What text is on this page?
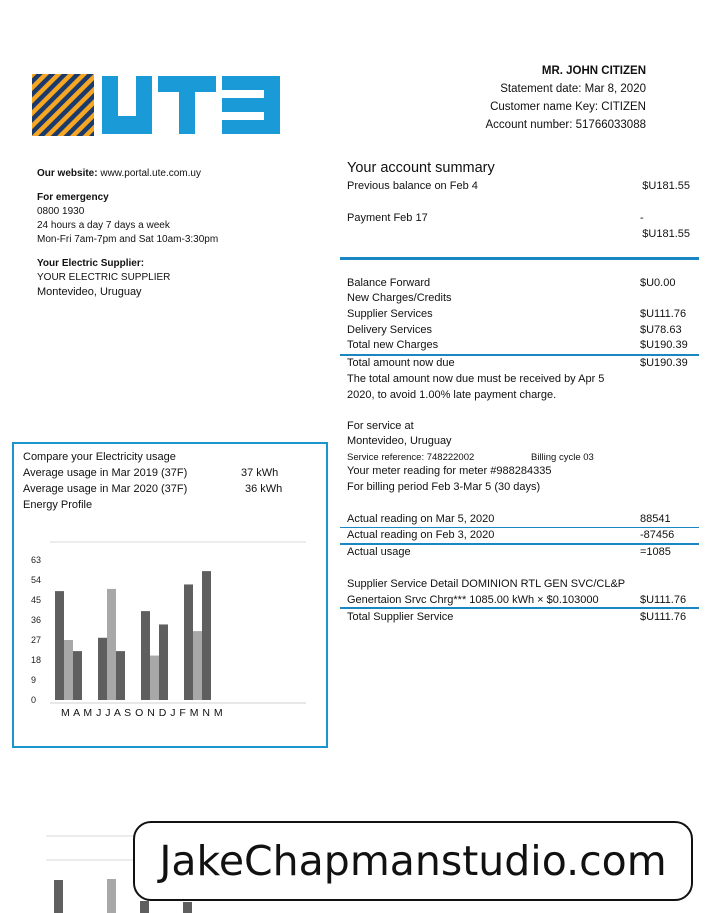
MR. JOHN CITIZEN
Statement date: Mar 8, 2020
Customer name Key: CITIZEN
Account number: 51766033088
Our website: www.portal.ute.com.uy
For emergency
0800 1930
24 hours a day 7 days a week
Mon-Fri 7am-7pm and Sat 10am-3:30pm
Your Electric Supplier:
YOUR ELECTRIC SUPPLIER
Montevideo, Uruguay
Your account summary
Previous balance on Feb 4	$U181.55
Payment Feb 17	-
$U181.55
Balance Forward	$U0.00
New Charges/Credits
Supplier Services	$U111.76
Delivery Services	$U78.63
Total new Charges	$U190.39
Total amount now due	$U190.39
The total amount now due must be received by Apr 5
2020, to avoid 1.00% late payment charge.
For service at
Montevideo, Uruguay
Service reference: 748222002	Billing cycle 03
Your meter reading for meter #988284335
For billing period Feb 3-Mar 5 (30 days)
Actual reading on Mar 5, 2020	88541
Actual reading on Feb 3, 2020	-87456
Actual usage	=1085
Supplier Service Detail DOMINION RTL GEN SVC/CL&P
Genertaion Srvc Chrg*** 1085.00 kWh × $0.103000	$U111.76
Total Supplier Service	$U111.76
Compare your Electricity usage
Average usage in Mar 2019 (37F)	37 kWh
Average usage in Mar 2020 (37F)	36 kWh
Energy Profile
63
54
45
36
27
18
9
0
M A M J J A S O N D J F M N M
JakeChapmanstudio.com
